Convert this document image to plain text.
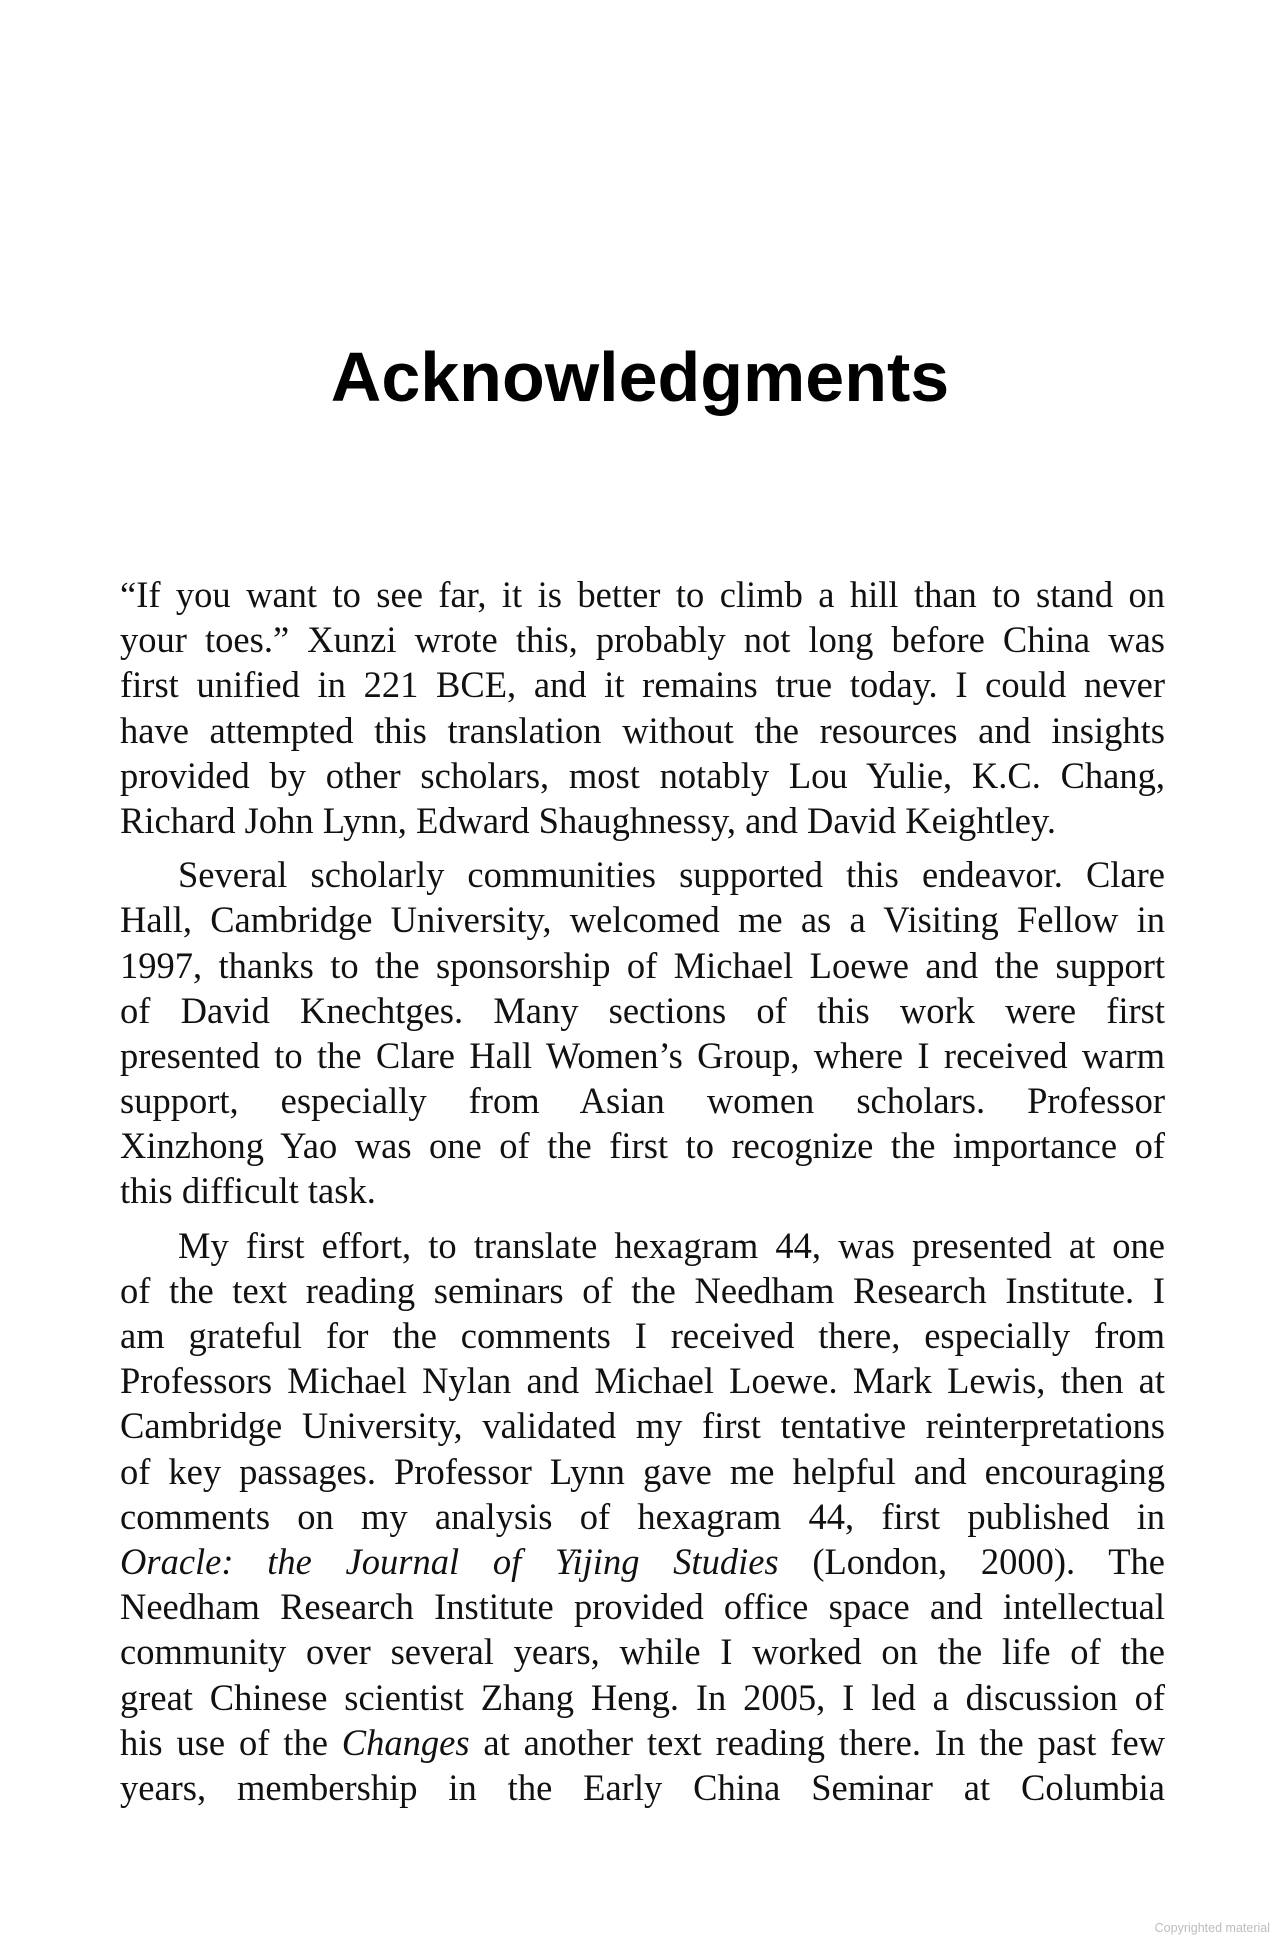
Acknowledgments
“If you want to see far, it is better to climb a hill than to stand on
your toes.” Xunzi wrote this, probably not long before China was
first unified in 221 BCE, and it remains true today. I could never
have attempted this translation without the resources and insights
provided by other scholars, most notably Lou Yulie, K.C. Chang,
Richard John Lynn, Edward Shaughnessy, and David Keightley.
Several scholarly communities supported this endeavor. Clare
Hall, Cambridge University, welcomed me as a Visiting Fellow in
1997, thanks to the sponsorship of Michael Loewe and the support
of David Knechtges. Many sections of this work were first
presented to the Clare Hall Women’s Group, where I received warm
support, especially from Asian women scholars. Professor
Xinzhong Yao was one of the first to recognize the importance of
this difficult task.
My first effort, to translate hexagram 44, was presented at one
of the text reading seminars of the Needham Research Institute. I
am grateful for the comments I received there, especially from
Professors Michael Nylan and Michael Loewe. Mark Lewis, then at
Cambridge University, validated my first tentative reinterpretations
of key passages. Professor Lynn gave me helpful and encouraging
comments on my analysis of hexagram 44, first published in
Oracle: the Journal of Yijing Studies (London, 2000). The
Needham Research Institute provided office space and intellectual
community over several years, while I worked on the life of the
great Chinese scientist Zhang Heng. In 2005, I led a discussion of
his use of the Changes at another text reading there. In the past few
years, membership in the Early China Seminar at Columbia
Copyrighted material
